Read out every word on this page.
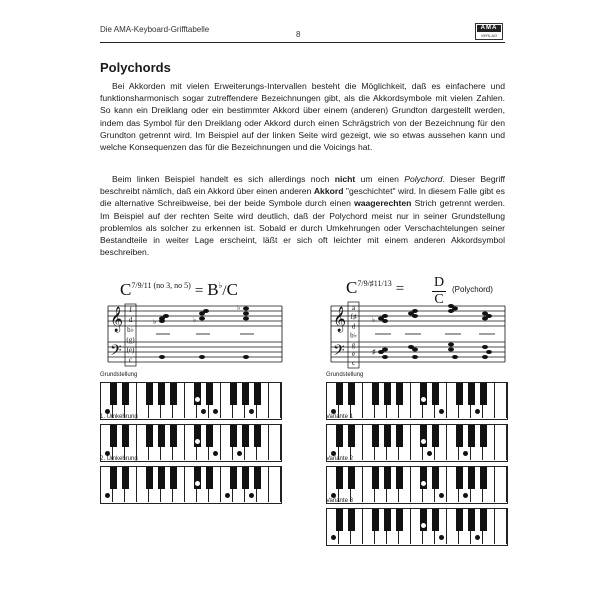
Die AMA-Keyboard-Grifftabelle
8
AMA
VERLAG
Polychords

Bei Akkorden mit vielen Erweiterungs-Intervallen besteht die Möglichkeit, daß es einfachere und funktionsharmonisch sogar zutreffendere Bezeichnungen gibt, als die Akkordsymbole mit vielen Zahlen. So kann ein Dreiklang oder ein bestimmter Akkord über einem (anderen) Grundton dargestellt werden, indem das Symbol für den Dreiklang oder Akkord durch einen Schrägstrich von der Bezeichnung für den Grundton getrennt wird. Im Beispiel auf der linken Seite wird gezeigt, wie so etwas aussehen kann und welche Konsequenzen das für die Bezeichnungen und die Voicings hat.

Beim linken Beispiel handelt es sich allerdings noch nicht um einen Polychord. Dieser Begriff beschreibt nämlich, daß ein Akkord über einen anderen Akkord "geschichtet" wird. In diesem Falle gibt es die alternative Schreibweise, bei der beide Symbole durch einen waagerechten Strich getrennt werden. Im Beispiel auf der rechten Seite wird deutlich, daß der Polychord meist nur in seiner Grundstellung problemlos als solcher zu erkennen ist. Sobald er durch Umkehrungen oder Verschachtelungen seiner Bestandteile in weiter Lage erscheint, läßt er sich oft leichter mit einem anderen Akkordsymbol beschreiben.

$C^{7/9/11 (no 3, no 5)} = B^♭/C$	$C^{7/9/♯11/13} = D$
C
(Polychord)
𝄞
𝄢
f
d
b♭
(g)
(e)
c
♭	♭
♭	𝄞
𝄢
a
f♯
d
b♭
g
e
c
♭
♯
Grundstellung
1. Umkehrung
2. Umkehrung
Grundstellung
Variante 1
Variante 2
Variante 3
